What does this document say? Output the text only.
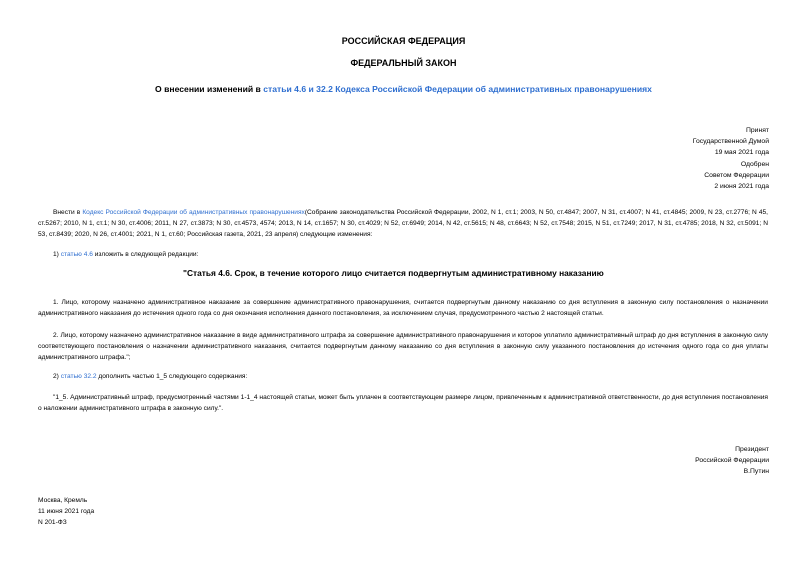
РОССИЙСКАЯ ФЕДЕРАЦИЯ
ФЕДЕРАЛЬНЫЙ ЗАКОН
О внесении изменений в статьи 4.6 и 32.2 Кодекса Российской Федерации об административных правонарушениях
Принят
Государственной Думой
19 мая 2021 года
Одобрен
Советом Федерации
2 июня 2021 года
Внести в Кодекс Российской Федерации об административных правонарушениях(Собрание законодательства Российской Федерации, 2002, N 1, ст.1; 2003, N 50, ст.4847; 2007, N 31, ст.4007; N 41, ст.4845; 2009, N 23, ст.2776; N 45, ст.5267; 2010, N 1, ст.1; N 30, ст.4006; 2011, N 27, ст.3873; N 30, ст.4573, 4574; 2013, N 14, ст.1657; N 30, ст.4029; N 52, ст.6949; 2014, N 42, ст.5615; N 48, ст.6643; N 52, ст.7548; 2015, N 51, ст.7249; 2017, N 31, ст.4785; 2018, N 32, ст.5091; N 53, ст.8439; 2020, N 26, ст.4001; 2021, N 1, ст.60; Российская газета, 2021, 23 апреля) следующие изменения:
1) статью 4.6 изложить в следующей редакции:
"Статья 4.6. Срок, в течение которого лицо считается подвергнутым административному наказанию
1. Лицо, которому назначено административное наказание за совершение административного правонарушения, считается подвергнутым данному наказанию со дня вступления в законную силу постановления о назначении административного наказания до истечения одного года со дня окончания исполнения данного постановления, за исключением случая, предусмотренного частью 2 настоящей статьи.
2. Лицо, которому назначено административное наказание в виде административного штрафа за совершение административного правонарушения и которое уплатило административный штраф до дня вступления в законную силу соответствующего постановления о назначении административного наказания, считается подвергнутым данному наказанию со дня вступления в законную силу указанного постановления до истечения одного года со дня уплаты административного штрафа.";
2) статью 32.2 дополнить частью 1_5 следующего содержания:
"1_5. Административный штраф, предусмотренный частями 1-1_4 настоящей статьи, может быть уплачен в соответствующем размере лицом, привлеченным к административной ответственности, до дня вступления постановления о наложении административного штрафа в законную силу.".
Президент
Российской Федерации
В.Путин
Москва, Кремль
11 июня 2021 года
N 201-ФЗ
